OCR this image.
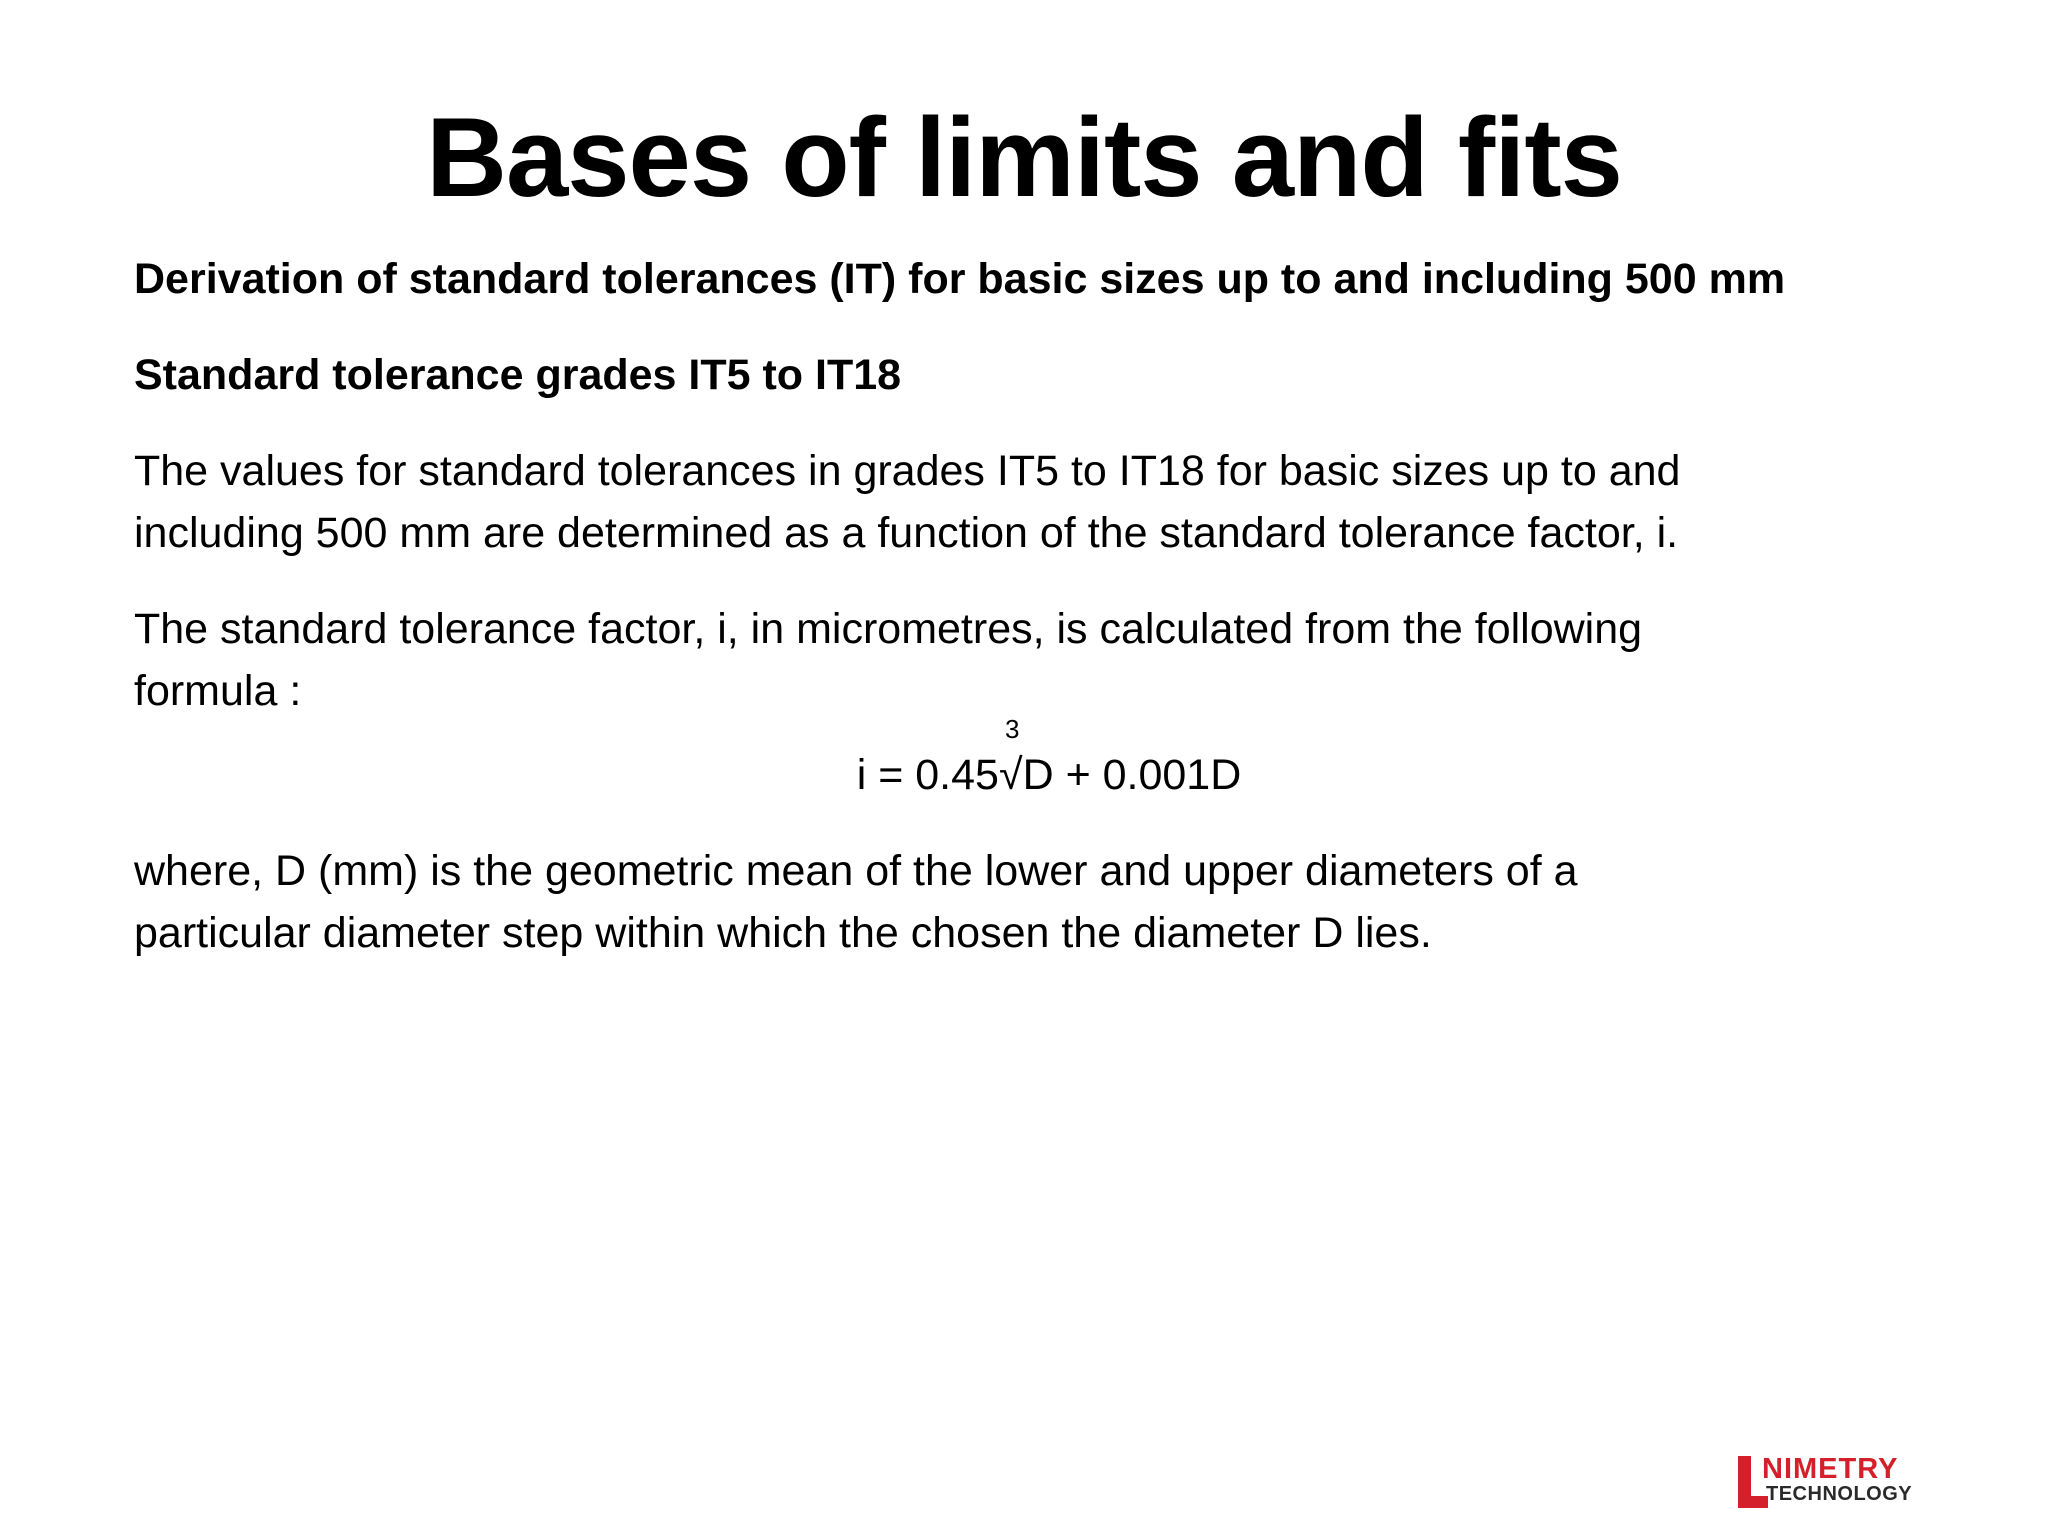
Bases of limits and fits
Derivation of standard tolerances (IT) for basic sizes up to and including 500 mm
Standard tolerance grades IT5 to IT18
The values for standard tolerances in grades IT5 to IT18 for basic sizes up to and
including 500 mm are determined as a function of the standard tolerance factor, i.
The standard tolerance factor, i, in micrometres, is calculated from the following
formula :
i = 0.45
3
√D + 0.001D
where, D (mm) is the geometric mean of the lower and upper diameters of a
particular diameter step within which the chosen the diameter D lies.
NIMETRY
TECHNOLOGY
